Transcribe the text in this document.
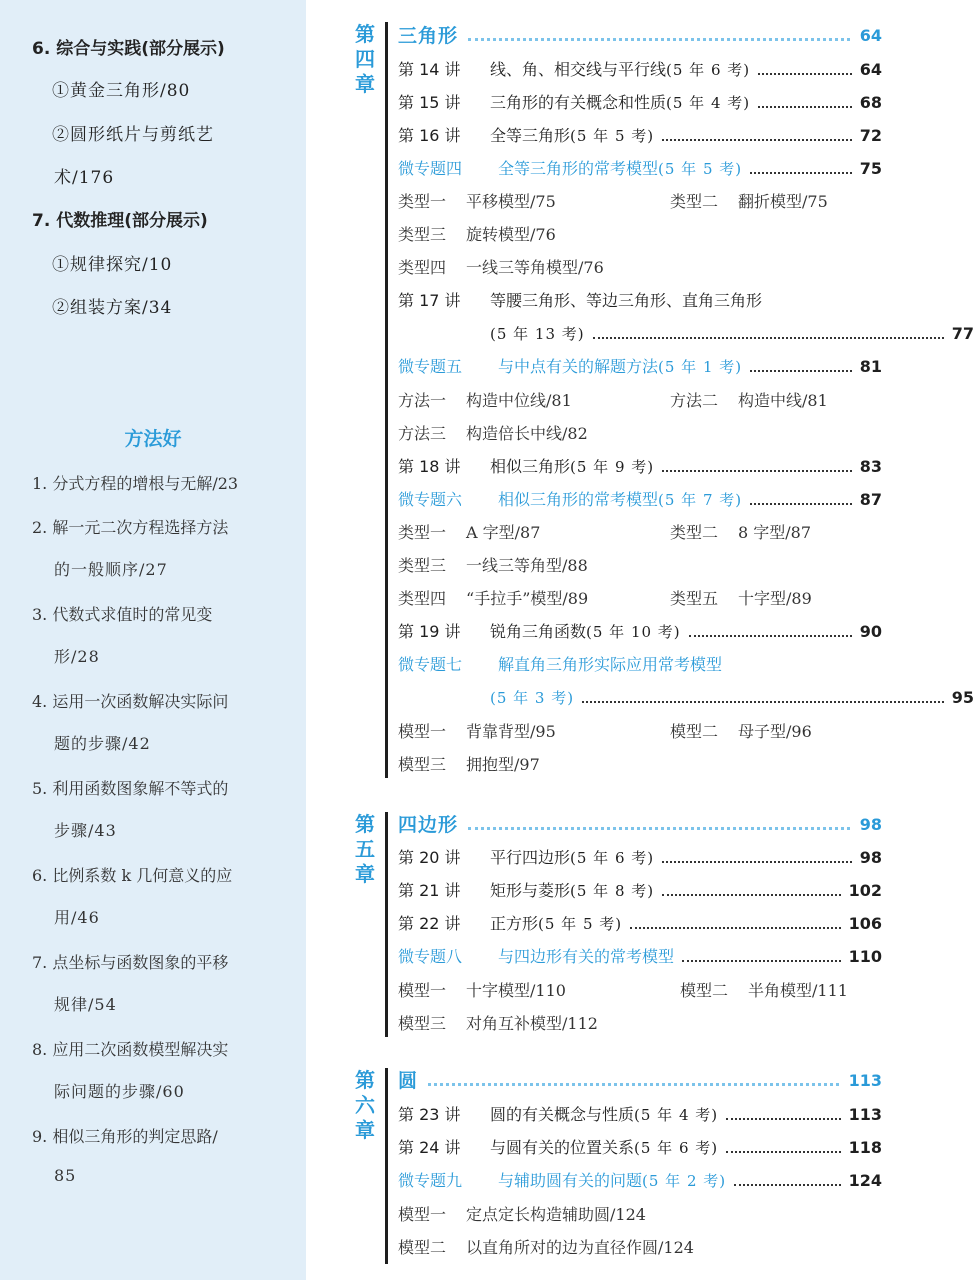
6. 综合与实践(部分展示)
①黄金三角形/80
②圆形纸片与剪纸艺
术/176
7. 代数推理(部分展示)
①规律探究/10
②组装方案/34
方法好
1. 分式方程的增根与无解/23
2. 解一元二次方程选择方法
的一般顺序/27
3. 代数式求值时的常见变
形/28
4. 运用一次函数解决实际问
题的步骤/42
5. 利用函数图象解不等式的
步骤/43
6. 比例系数 k 几何意义的应
用/46
7. 点坐标与函数图象的平移
规律/54
8. 应用二次函数模型解决实
际问题的步骤/60
9. 相似三角形的判定思路/
85
第
四
章
三角形	64
第 14 讲	线、角、相交线与平行线 (5 年 6 考)	64
第 15 讲	三角形的有关概念和性质 (5 年 4 考)	68
第 16 讲	全等三角形 (5 年 5 考)	72
微专题四	全等三角形的常考模型 (5 年 5 考)	75
类型一 平移模型/75	类型二 翻折模型/75
类型三 旋转模型/76
类型四 一线三等角模型/76
第 17 讲	等腰三角形、等边三角形、直角三角形
(5 年 13 考)	77
微专题五	与中点有关的解题方法 (5 年 1 考)	81
方法一 构造中位线/81	方法二 构造中线/81
方法三 构造倍长中线/82
第 18 讲	相似三角形 (5 年 9 考)	83
微专题六	相似三角形的常考模型 (5 年 7 考)	87
类型一 A 字型/87	类型二 8 字型/87
类型三 一线三等角型/88
类型四 “手拉手”模型/89	类型五 十字型/89
第 19 讲	锐角三角函数 (5 年 10 考)	90
微专题七	解直角三角形实际应用常考模型
(5 年 3 考)	95
模型一 背靠背型/95	模型二 母子型/96
模型三 拥抱型/97
第
五
章
四边形	98
第 20 讲	平行四边形 (5 年 6 考)	98
第 21 讲	矩形与菱形 (5 年 8 考)	102
第 22 讲	正方形 (5 年 5 考)	106
微专题八	与四边形有关的常考模型	110
模型一 十字模型/110	模型二 半角模型/111
模型三 对角互补模型/112
第
六
章
圆	113
第 23 讲	圆的有关概念与性质 (5 年 4 考)	113
第 24 讲	与圆有关的位置关系 (5 年 6 考)	118
微专题九	与辅助圆有关的问题 (5 年 2 考)	124
模型一 定点定长构造辅助圆/124
模型二 以直角所对的边为直径作圆/124
